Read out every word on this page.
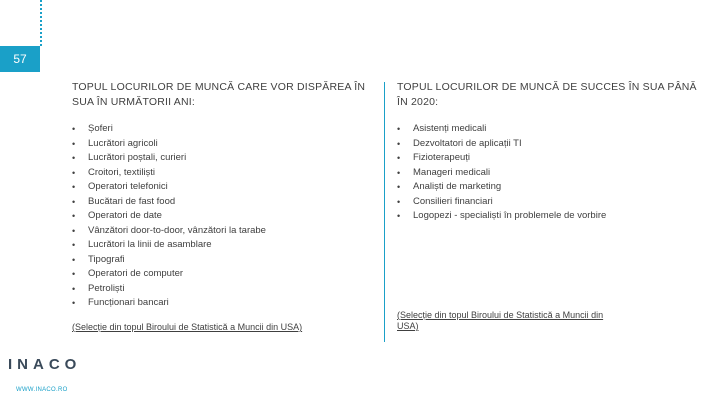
57
TOPUL LOCURILOR DE MUNCĂ CARE VOR DISPĂREA ÎN SUA ÎN URMĂTORII ANI:
• Șoferi
• Lucrători agricoli
• Lucrători poștali, curieri
• Croitori, textiliști
• Operatori telefonici
• Bucătari de fast food
• Operatori de date
• Vânzători door-to-door, vânzători la tarabe
• Lucrători la linii de asamblare
• Tipografi
• Operatori de computer
• Petroliști
• Funcționari bancari
TOPUL LOCURILOR DE MUNCĂ DE SUCCES ÎN SUA PÂNĂ ÎN 2020:
• Asistenți medicali
• Dezvoltatori de aplicații TI
• Fizioterapeuți
• Manageri medicali
• Analiști de marketing
• Consilieri financiari
• Logopezi - specialiști în problemele de vorbire
(Selecție din topul Biroului de Statistică a Muncii din USA)
(Selecție din topul Biroului de Statistică a Muncii din USA)
INACO
WWW.INACO.RO
